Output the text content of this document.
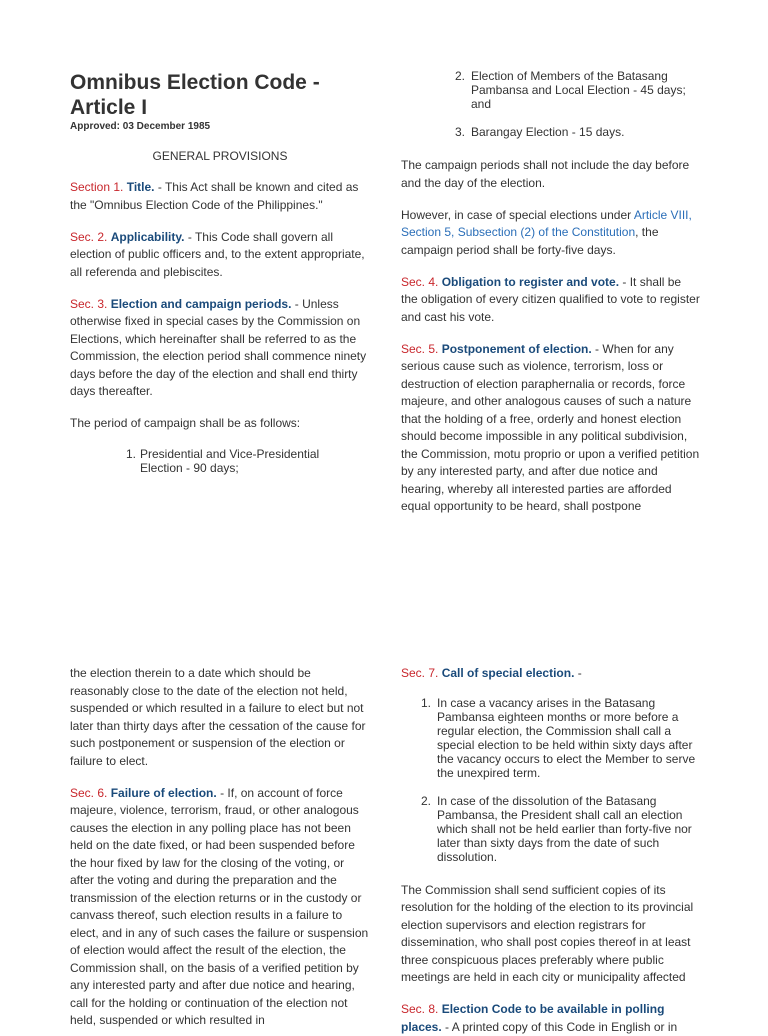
Omnibus Election Code -
Article I

Approved: 03 December 1985

GENERAL PROVISIONS

Section 1. Title. - This Act shall be known and cited as the "Omnibus Election Code of the Philippines."

Sec. 2. Applicability. - This Code shall govern all election of public officers and, to the extent appropriate, all referenda and plebiscites.

Sec. 3. Election and campaign periods. - Unless otherwise fixed in special cases by the Commission on Elections, which hereinafter shall be referred to as the Commission, the election period shall commence ninety days before the day of the election and shall end thirty days thereafter.

The period of campaign shall be as follows:

1. Presidential and Vice-Presidential Election - 90 days;
2. Election of Members of the Batasang Pambansa and Local Election - 45 days; and
3. Barangay Election - 15 days.

The campaign periods shall not include the day before and the day of the election.

However, in case of special elections under Article VIII, Section 5, Subsection (2) of the Constitution, the campaign period shall be forty-five days.

Sec. 4. Obligation to register and vote. - It shall be the obligation of every citizen qualified to vote to register and cast his vote.

Sec. 5. Postponement of election. - When for any serious cause such as violence, terrorism, loss or destruction of election paraphernalia or records, force majeure, and other analogous causes of such a nature that the holding of a free, orderly and honest election should become impossible in any political subdivision, the Commission, motu proprio or upon a verified petition by any interested party, and after due notice and hearing, whereby all interested parties are afforded equal opportunity to be heard, shall postpone

the election therein to a date which should be reasonably close to the date of the election not held, suspended or which resulted in a failure to elect but not later than thirty days after the cessation of the cause for such postponement or suspension of the election or failure to elect.

Sec. 6. Failure of election. - If, on account of force majeure, violence, terrorism, fraud, or other analogous causes the election in any polling place has not been held on the date fixed, or had been suspended before the hour fixed by law for the closing of the voting, or after the voting and during the preparation and the transmission of the election returns or in the custody or canvass thereof, such election results in a failure to elect, and in any of such cases the failure or suspension of election would affect the result of the election, the Commission shall, on the basis of a verified petition by any interested party and after due notice and hearing, call for the holding or continuation of the election not held, suspended or which resulted in

Sec. 7. Call of special election. -

1. In case a vacancy arises in the Batasang Pambansa eighteen months or more before a regular election, the Commission shall call a special election to be held within sixty days after the vacancy occurs to elect the Member to serve the unexpired term.
2. In case of the dissolution of the Batasang Pambansa, the President shall call an election which shall not be held earlier than forty-five nor later than sixty days from the date of such dissolution.

The Commission shall send sufficient copies of its resolution for the holding of the election to its provincial election supervisors and election registrars for dissemination, who shall post copies thereof in at least three conspicuous places preferably where public meetings are held in each city or municipality affected

Sec. 8. Election Code to be available in polling places. - A printed copy of this Code in English or in
